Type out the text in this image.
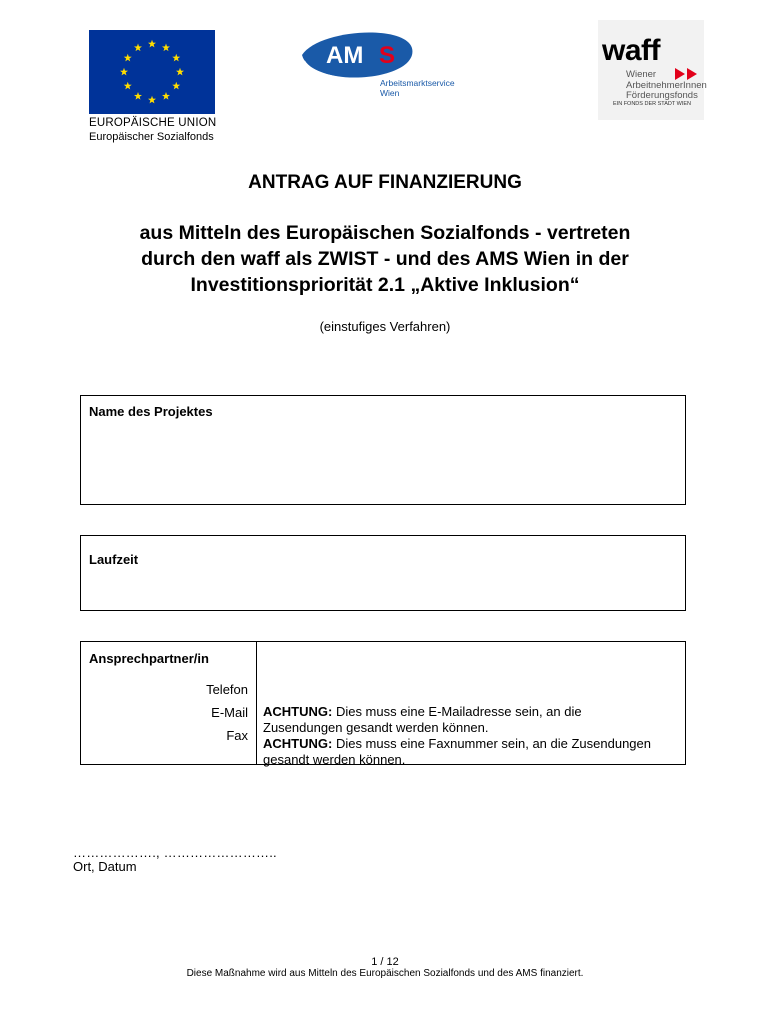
EUROPÄISCHE UNION
Europäischer Sozialfonds
AM S
Arbeitsmarktservice
Wien
waff
Wiener
ArbeitnehmerInnen
Förderungsfonds
EIN FONDS DER STADT WIEN
ANTRAG AUF FINANZIERUNG
aus Mitteln des Europäischen Sozialfonds - vertreten
durch den waff als ZWIST - und des AMS Wien in der
Investitionspriorität 2.1 „Aktive Inklusion“
(einstufiges Verfahren)
Name des Projektes
Laufzeit
Ansprechpartner/in
Telefon
E-Mail
Fax
ACHTUNG: Dies muss eine E-Mailadresse sein, an die Zusendungen gesandt werden können.
ACHTUNG: Dies muss eine Faxnummer sein, an die Zusendungen gesandt werden können.
………………., ……………………..
Ort, Datum
1 / 12
Diese Maßnahme wird aus Mitteln des Europäischen Sozialfonds und des AMS finanziert.
